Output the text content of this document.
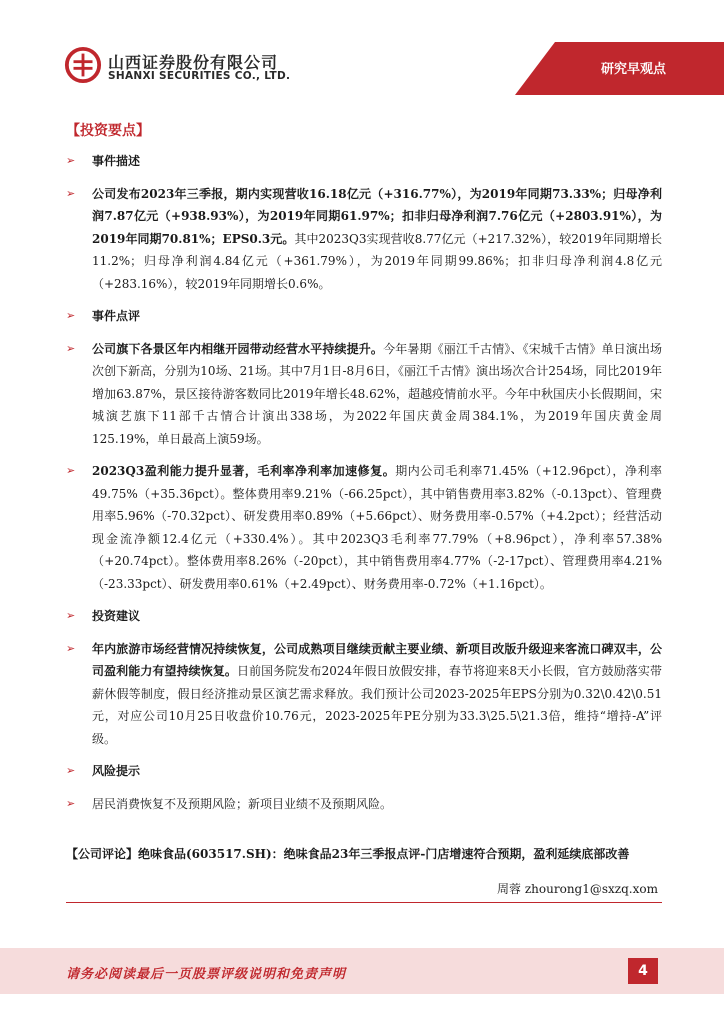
山西证券股份有限公司
SHANXI SECURITIES CO., LTD.	研究早观点
【投资要点】
➢ 事件描述
➢ 公司发布2023年三季报，期内实现营收16.18亿元（+316.77%），为2019年同期73.33%；归母净利润7.87亿元（+938.93%），为2019年同期61.97%；扣非归母净利润7.76亿元（+2803.91%），为2019年同期70.81%；EPS0.3元。其中2023Q3实现营收8.77亿元（+217.32%），较2019年同期增长11.2%；归母净利润4.84亿元（+361.79%），为2019年同期99.86%；扣非归母净利润4.8亿元（+283.16%），较2019年同期增长0.6%。
➢ 事件点评
➢ 公司旗下各景区年内相继开园带动经营水平持续提升。今年暑期《丽江千古情》、《宋城千古情》单日演出场次创下新高，分别为10场、21场。其中7月1日-8月6日，《丽江千古情》演出场次合计254场，同比2019年增加63.87%，景区接待游客数同比2019年增长48.62%，超越疫情前水平。今年中秋国庆小长假期间，宋城演艺旗下11部千古情合计演出338场，为2022年国庆黄金周384.1%，为2019年国庆黄金周125.19%，单日最高上演59场。
➢ 2023Q3盈利能力提升显著，毛利率净利率加速修复。期内公司毛利率71.45%（+12.96pct），净利率49.75%（+35.36pct）。整体费用率9.21%（-66.25pct），其中销售费用率3.82%（-0.13pct）、管理费用率5.96%（-70.32pct）、研发费用率0.89%（+5.66pct）、财务费用率-0.57%（+4.2pct）；经营活动现金流净额12.4亿元（+330.4%）。其中2023Q3毛利率77.79%（+8.96pct），净利率57.38%（+20.74pct）。整体费用率8.26%（-20pct），其中销售费用率4.77%（-2-17pct）、管理费用率4.21%（-23.33pct）、研发费用率0.61%（+2.49pct）、财务费用率-0.72%（+1.16pct）。
➢ 投资建议
➢ 年内旅游市场经营情况持续恢复，公司成熟项目继续贡献主要业绩、新项目改版升级迎来客流口碑双丰，公司盈利能力有望持续恢复。日前国务院发布2024年假日放假安排，春节将迎来8天小长假，官方鼓励落实带薪休假等制度，假日经济推动景区演艺需求释放。我们预计公司2023-2025年EPS分别为0.32\0.42\0.51元，对应公司10月25日收盘价10.76元，2023-2025年PE分别为33.3\25.5\21.3倍，维持“增持-A”评级。
➢ 风险提示
➢ 居民消费恢复不及预期风险；新项目业绩不及预期风险。
【公司评论】绝味食品(603517.SH)：绝味食品23年三季报点评-门店增速符合预期，盈利延续底部改善
周蓉 zhourong1@sxzq.xom
请务必阅读最后一页股票评级说明和免责声明	4
